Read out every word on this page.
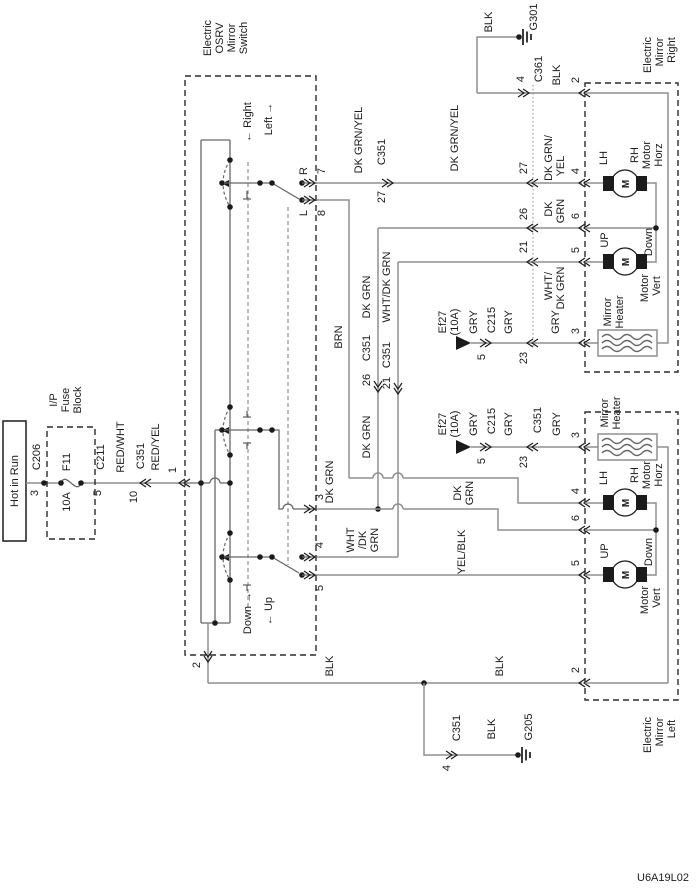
Hot in Run 3
C206
I/P Fuse Block
F11
10A 5
C211 RED/WHT
10
C351 RED/YEL 1
Electric OSRV Mirror Switch
← Right Left →
Down → ← Up
R 7
L 8
3
4
5
2
DK GRN/YEL
27
C351	DK GRN/YEL	27 DK GRN/ YEL 4
BRN
DK GRN
DK GRN
DK GRN
C351
26
DK GRN
26 DK GRN 6
WHT/DK GRN
C351
21
21
WHT/ DK GRN
5
WHT /DK GRN	YEL/BLK
Ef27 (10A) GRY
5
C215 GRY
23
GRY 3
Ef27 (10A) GRY
5
C215 GRY
23
C351 GRY 3
BLK	G301
4 C361 BLK 2
Electric Mirror Right
LH RH Motor Horz
M
Down
UP
M
Motor Vert
Mirror Heater
Electric Mirror Left
Mirror Heater
LH RH Motor Horz
M
Down
UP
M
Motor Vert
4
6
5
2
BLK	BLK
4
C351 BLK G205
U6A19L02
